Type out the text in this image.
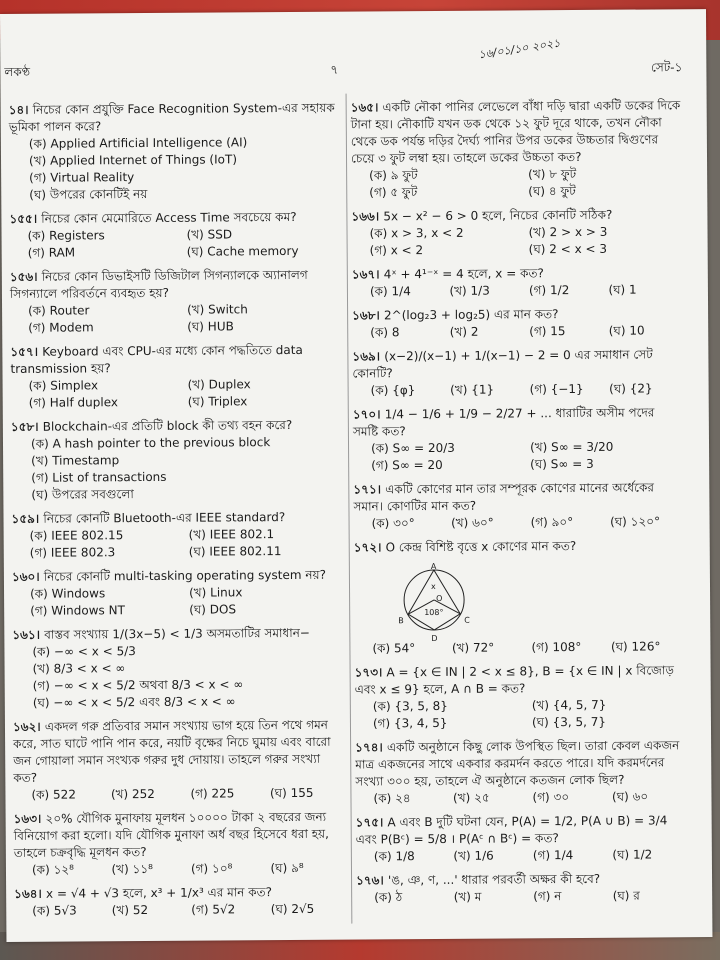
লকণ্ঠ	৭
১৬/০১/১০ ২০২১
সেট-১
১৪। নিচের কোন প্রযুক্তি Face Recognition System-এর সহায়ক ভূমিকা পালন করে?
(ক) Applied Artificial Intelligence (AI)
(খ) Applied Internet of Things (IoT)
(গ) Virtual Reality
(ঘ) উপরের কোনটিই নয়
১৫৫। নিচের কোন মেমোরিতে Access Time সবচেয়ে কম?
(ক) Registers	(খ) SSD
(গ) RAM	(ঘ) Cache memory
১৫৬। নিচের কোন ডিভাইসটি ডিজিটাল সিগন্যালকে অ্যানালগ সিগন্যালে পরিবর্তনে ব্যবহৃত হয়?
(ক) Router	(খ) Switch
(গ) Modem	(ঘ) HUB
১৫৭। Keyboard এবং CPU-এর মধ্যে কোন পদ্ধতিতে data transmission হয়?
(ক) Simplex	(খ) Duplex
(গ) Half duplex	(ঘ) Triplex
১৫৮। Blockchain-এর প্রতিটি block কী তথ্য বহন করে?
(ক) A hash pointer to the previous block
(খ) Timestamp
(গ) List of transactions
(ঘ) উপরের সবগুলো
১৫৯। নিচের কোনটি Bluetooth-এর IEEE standard?
(ক) IEEE 802.15	(খ) IEEE 802.1
(গ) IEEE 802.3	(ঘ) IEEE 802.11
১৬০। নিচের কোনটি multi-tasking operating system নয়?
(ক) Windows	(খ) Linux
(গ) Windows NT	(ঘ) DOS
১৬১। বাস্তব সংখ্যায় 1/(3x−5) < 1/3 অসমতাটির সমাধান−
(ক) −∞ < x < 5/3
(খ) 8/3 < x < ∞
(গ) −∞ < x < 5/2 অথবা 8/3 < x < ∞
(ঘ) −∞ < x < 5/2 এবং 8/3 < x < ∞
১৬২। একদল গরু প্রতিবার সমান সংখ্যায় ভাগ হয়ে তিন পথে গমন করে, সাত ঘাটে পানি পান করে, নয়টি বৃক্ষের নিচে ঘুমায় এবং বারো জন গোয়ালা সমান সংখ্যক গরুর দুধ দোয়ায়। তাহলে গরুর সংখ্যা কত?
(ক) 522	(খ) 252	(গ) 225	(ঘ) 155
১৬৩। ২০% যৌগিক মুনাফায় মূলধন ১০০০০ টাকা ২ বছরের জন্য বিনিয়োগ করা হলো। যদি যৌগিক মুনাফা অর্ধ বছর হিসেবে ধরা হয়, তাহলে চক্রবৃদ্ধি মূলধন কত?
(ক) ১২⁸	(খ) ১১⁸	(গ) ১০⁸	(ঘ) ৯⁸
১৬৪। x = √4 + √3 হলে, x³ + 1/x³ এর মান কত?
(ক) 5√3	(খ) 52	(গ) 5√2	(ঘ) 2√5
১৬৫। একটি নৌকা পানির লেভেলে বাঁধা দড়ি দ্বারা একটি ডকের দিকে টানা হয়। নৌকাটি যখন ডক থেকে ১২ ফুট দূরে থাকে, তখন নৌকা থেকে ডক পর্যন্ত দড়ির দৈর্ঘ্য পানির উপর ডকের উচ্চতার দ্বিগুণের চেয়ে ৩ ফুট লম্বা হয়। তাহলে ডকের উচ্চতা কত?
(ক) ৯ ফুট	(খ) ৮ ফুট
(গ) ৫ ফুট	(ঘ) ৪ ফুট
১৬৬। 5x − x² − 6 > 0 হলে, নিচের কোনটি সঠিক?
(ক) x > 3, x < 2	(খ) 2 > x > 3
(গ) x < 2	(ঘ) 2 < x < 3
১৬৭। 4ˣ + 4¹⁻ˣ = 4 হলে, x = কত?
(ক) 1/4	(খ) 1/3	(গ) 1/2	(ঘ) 1
১৬৮। 2^(log₂3 + log₂5) এর মান কত?
(ক) 8	(খ) 2	(গ) 15	(ঘ) 10
১৬৯। (x−2)/(x−1) + 1/(x−1) − 2 = 0 এর সমাধান সেট কোনটি?
(ক) {φ}	(খ) {1}	(গ) {−1}	(ঘ) {2}
১৭০। 1/4 − 1/6 + 1/9 − 2/27 + ... ধারাটির অসীম পদের সমষ্টি কত?
(ক) S∞ = 20/3	(খ) S∞ = 3/20
(গ) S∞ = 20	(ঘ) S∞ = 3
১৭১। একটি কোণের মান তার সম্পূরক কোণের মানের অর্ধেকের সমান। কোণটির মান কত?
(ক) ৩০°	(খ) ৬০°	(গ) ৯০°	(ঘ) ১২০°
১৭২। O কেন্দ্র বিশিষ্ট বৃত্তে x কোণের মান কত?
A
B	C
D
O
108°
x
(ক) 54°	(খ) 72°	(গ) 108°	(ঘ) 126°
১৭৩। A = {x ∈ IN | 2 < x ≤ 8}, B = {x ∈ IN | x বিজোড় এবং x ≤ 9} হলে, A ∩ B = কত?
(ক) {3, 5, 8}	(খ) {4, 5, 7}
(গ) {3, 4, 5}	(ঘ) {3, 5, 7}
১৭৪। একটি অনুষ্ঠানে কিছু লোক উপস্থিত ছিল। তারা কেবল একজন মাত্র একজনের সাথে একবার করমর্দন করতে পারে। যদি করমর্দনের সংখ্যা ৩০০ হয়, তাহলে ঐ অনুষ্ঠানে কতজন লোক ছিল?
(ক) ২৪	(খ) ২৫	(গ) ৩০	(ঘ) ৬০
১৭৫। A এবং B দুটি ঘটনা যেন, P(A) = 1/2, P(A ∪ B) = 3/4 এবং P(Bᶜ) = 5/8 । P(Aᶜ ∩ Bᶜ) = কত?
(ক) 1/8	(খ) 1/6	(গ) 1/4	(ঘ) 1/2
১৭৬। 'ঙ, ঞ, ণ, ...' ধারার পরবর্তী অক্ষর কী হবে?
(ক) ঠ	(খ) ম	(গ) ন	(ঘ) র
